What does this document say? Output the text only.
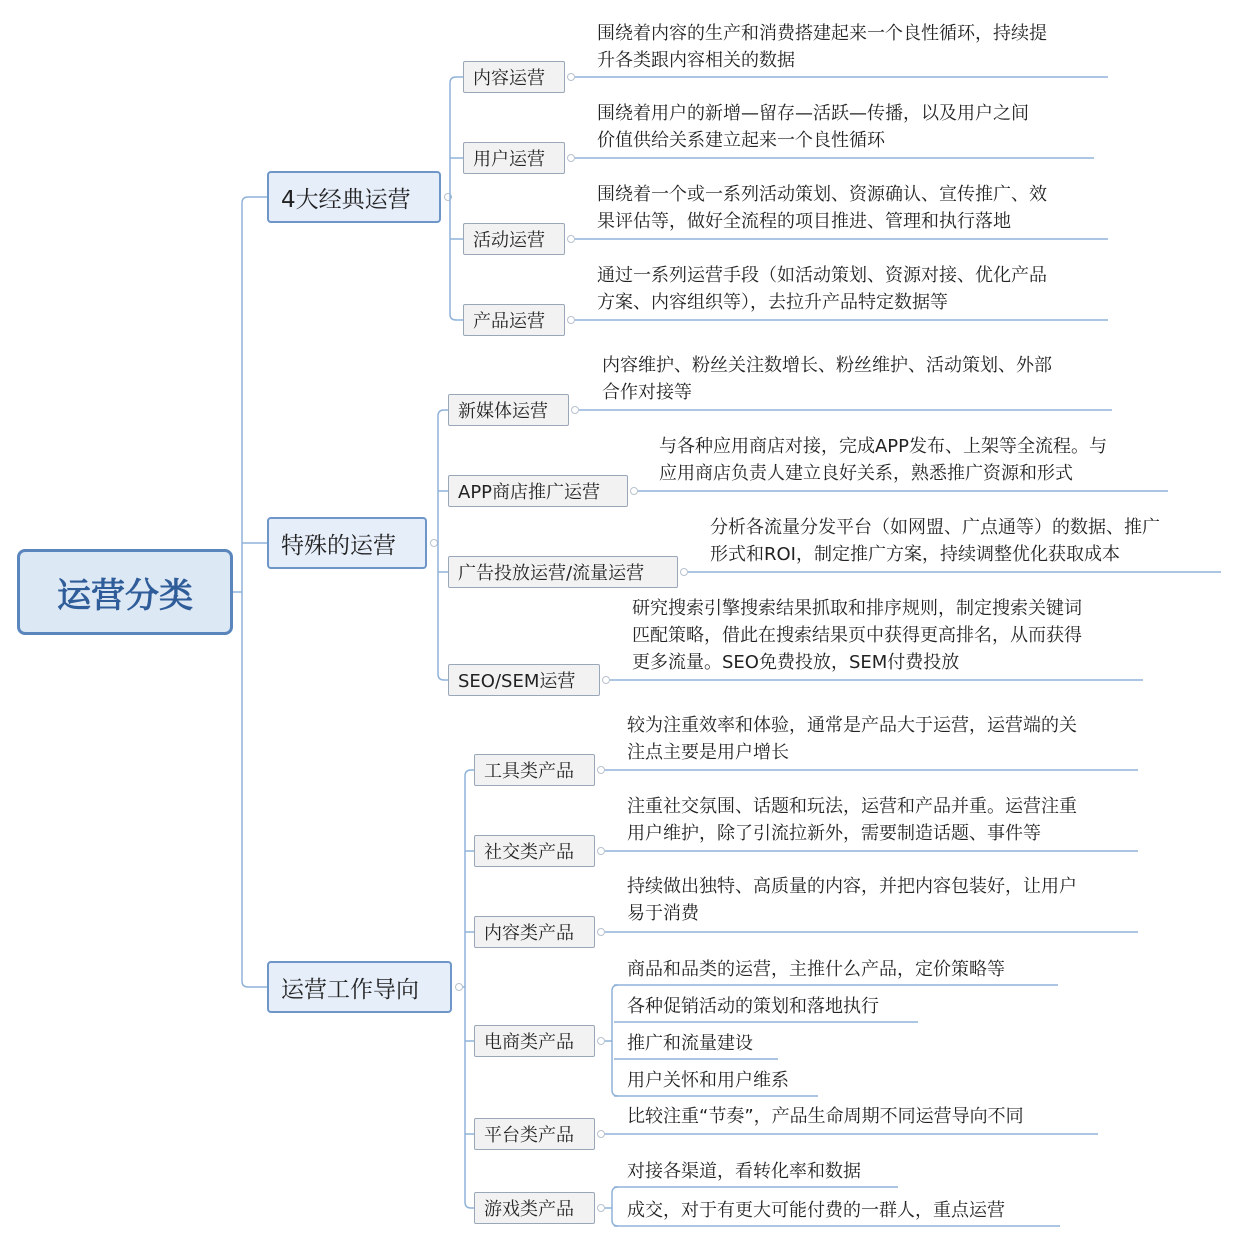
运营分类
4大经典运营
内容运营
围绕着内容的生产和消费搭建起来一个良性循环，持续提
升各类跟内容相关的数据
用户运营
围绕着用户的新增—留存—活跃—传播，以及用户之间
价值供给关系建立起来一个良性循环
活动运营
围绕着一个或一系列活动策划、资源确认、宣传推广、效
果评估等，做好全流程的项目推进、管理和执行落地
产品运营
通过一系列运营手段（如活动策划、资源对接、优化产品
方案、内容组织等），去拉升产品特定数据等
特殊的运营
新媒体运营
内容维护、粉丝关注数增长、粉丝维护、活动策划、外部
合作对接等
APP商店推广运营
与各种应用商店对接，完成APP发布、上架等全流程。与
应用商店负责人建立良好关系，熟悉推广资源和形式
广告投放运营/流量运营
分析各流量分发平台（如网盟、广点通等）的数据、推广
形式和ROI，制定推广方案，持续调整优化获取成本
SEO/SEM运营
研究搜索引擎搜索结果抓取和排序规则，制定搜索关键词
匹配策略，借此在搜索结果页中获得更高排名，从而获得
更多流量。SEO免费投放，SEM付费投放
运营工作导向
工具类产品
较为注重效率和体验，通常是产品大于运营，运营端的关
注点主要是用户增长
社交类产品
注重社交氛围、话题和玩法，运营和产品并重。运营注重
用户维护，除了引流拉新外，需要制造话题、事件等
内容类产品
持续做出独特、高质量的内容，并把内容包装好，让用户
易于消费
电商类产品
商品和品类的运营，主推什么产品，定价策略等
各种促销活动的策划和落地执行
推广和流量建设
用户关怀和用户维系
平台类产品
比较注重“节奏”，产品生命周期不同运营导向不同
游戏类产品
对接各渠道，看转化率和数据
成交，对于有更大可能付费的一群人，重点运营
